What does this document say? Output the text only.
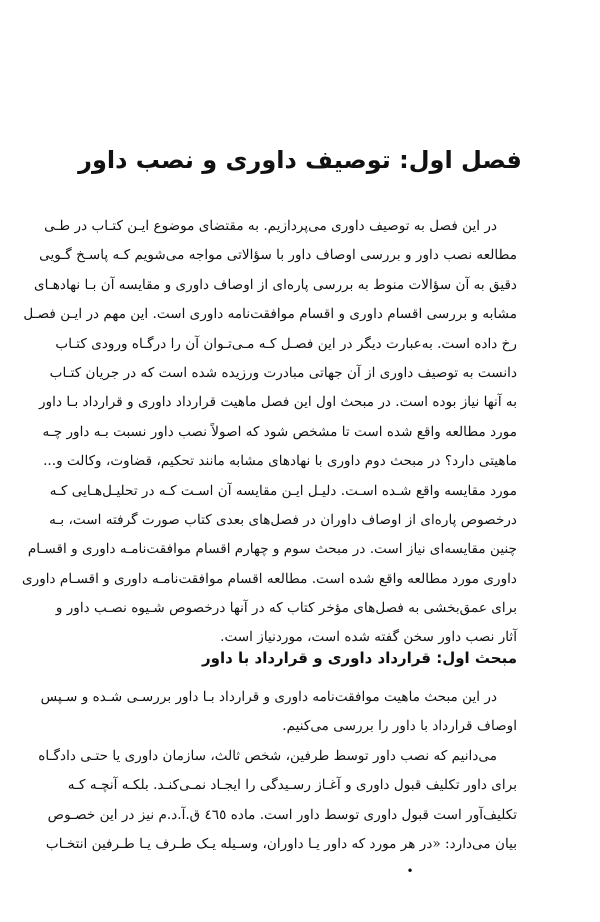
فصل اول: توصیف داوری و نصب داور
در این فصل به توصیف داوری می‌پردازیم. به مقتضای موضوع ایـن کتـاب در طـی
مطالعه نصب داور و بررسی اوصاف داور با سؤالاتی مواجه می‌شویم کـه پاسـخ گـویی
دقیق به آن سؤالات منوط به بررسی پاره‌ای از اوصاف داوری و مقایسه آن بـا نهادهـای
مشابه و بررسی اقسام داوری و اقسام موافقت‌نامه داوری است. این مهم در ایـن فصـل
رخ داده است. به‌عبارت دیگر در این فصـل کـه مـی‌تـوان آن را درگـاه ورودی کتـاب
دانست به توصیف داوری از آن جهاتی مبادرت ورزیده شده است که در جریان کتـاب
به آنها نیاز بوده است. در مبحث اول این فصل ماهیت قرارداد داوری و قرارداد بـا داور
مورد مطالعه واقع شده است تا مشخص شود که اصولاً نصب داور نسبت بـه داور چـه
ماهیتی دارد؟ در مبحث دوم داوری با نهادهای مشابه مانند تحکیم، قضاوت، وکالت و...
مورد مقایسه واقع شـده اسـت. دلیـل ایـن مقایسه آن اسـت کـه در تحلیـل‌هـایی کـه
درخصوص پاره‌ای از اوصاف داوران در فصل‌های بعدی کتاب صورت گرفته است، بـه
چنین مقایسه‌ای نیاز است. در مبحث سوم و چهارم اقسام موافقت‌نامـه داوری و اقسـام
داوری مورد مطالعه واقع شده است. مطالعه اقسام موافقت‌نامـه داوری و اقسـام داوری
برای عمق‌بخشی به فصل‌های مؤخر کتاب که در آنها درخصوص شـیوه نصـب داور و
آثار نصب داور سخن گفته شده است، موردنیاز است.
مبحث اول: قرارداد داوری و قرارداد با داور
در این مبحث ماهیت موافقت‌نامه داوری و قرارداد بـا داور بررسـی شـده و سـپس
اوصاف قرارداد با داور را بررسی می‌کنیم.
می‌دانیم که نصب داور توسط طرفین، شخص ثالث، سازمان داوری یا حتـی دادگـاه
برای داور تکلیف قبول داوری و آغـاز رسـیدگی را ایجـاد نمـی‌کنـد. بلکـه آنچـه کـه
تکلیف‌آور است قبول داوری توسط داور است. ماده ٤٦٥ ق.آ.د.م نیز در این خصـوص
بیان می‌دارد: «در هر مورد که داور یـا داوران، وسـیله یـک طـرف یـا طـرفین انتخـاب
•
